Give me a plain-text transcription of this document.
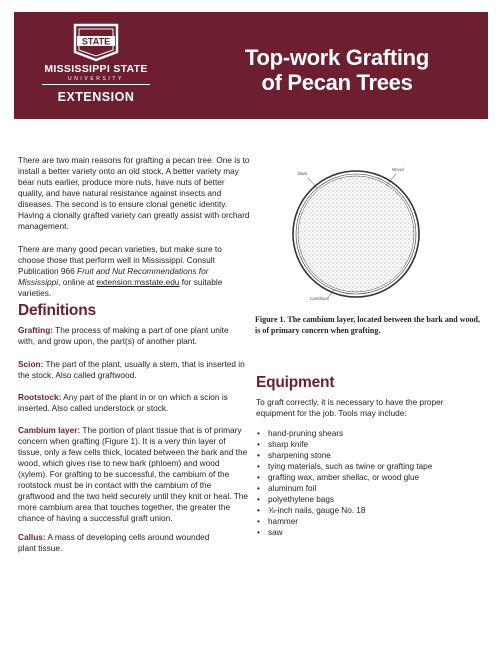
STATE
MISSISSIPPI STATE
UNIVERSITY
EXTENSION
Top-work Grafting
of Pecan Trees

There are two main reasons for grafting a pecan tree. One is to install a better variety onto an old stock. A better variety may bear nuts earlier, produce more nuts, have nuts of better quality, and have natural resistance against insects and diseases. The second is to ensure clonal genetic identity. Having a clonally grafted variety can greatly assist with orchard management.

There are many good pecan varieties, but make sure to choose those that perform well in Mississippi. Consult Publication 966 Fruit and Nut Recommendations for Mississippi, online at extension.msstate.edu for suitable varieties.

Definitions

Grafting: The process of making a part of one plant unite with, and grow upon, the part(s) of another plant.

Scion: The part of the plant, usually a stem, that is inserted in the stock. Also called graftwood.

Rootstock: Any part of the plant in or on which a scion is inserted. Also called understock or stock.

Cambium layer: The portion of plant tissue that is of primary concern when grafting (Figure 1). It is a very thin layer of tissue, only a few cells thick, located between the bark and the wood, which gives rise to new bark (phloem) and wood (xylem). For grafting to be successful, the cambium of the rootstock must be in contact with the cambium of the graftwood and the two held securely until they knit or heal. The more cambium area that touches together, the greater the chance of having a successful graft union.

Callus: A mass of developing cells around wounded plant tissue.

Bark
Wood
Cambium

Figure 1. The cambium layer, located between the bark and wood, is of primary concern when grafting.

Equipment

To graft correctly, it is necessary to have the proper equipment for the job. Tools may include:

• hand-pruning shears
• sharp knife
• sharpening stone
• tying materials, such as twine or grafting tape
• grafting wax, amber shellac, or wood glue
• aluminum foil
• polyethylene bags
• ⅝-inch nails, gauge No. 18
• hammer
• saw
